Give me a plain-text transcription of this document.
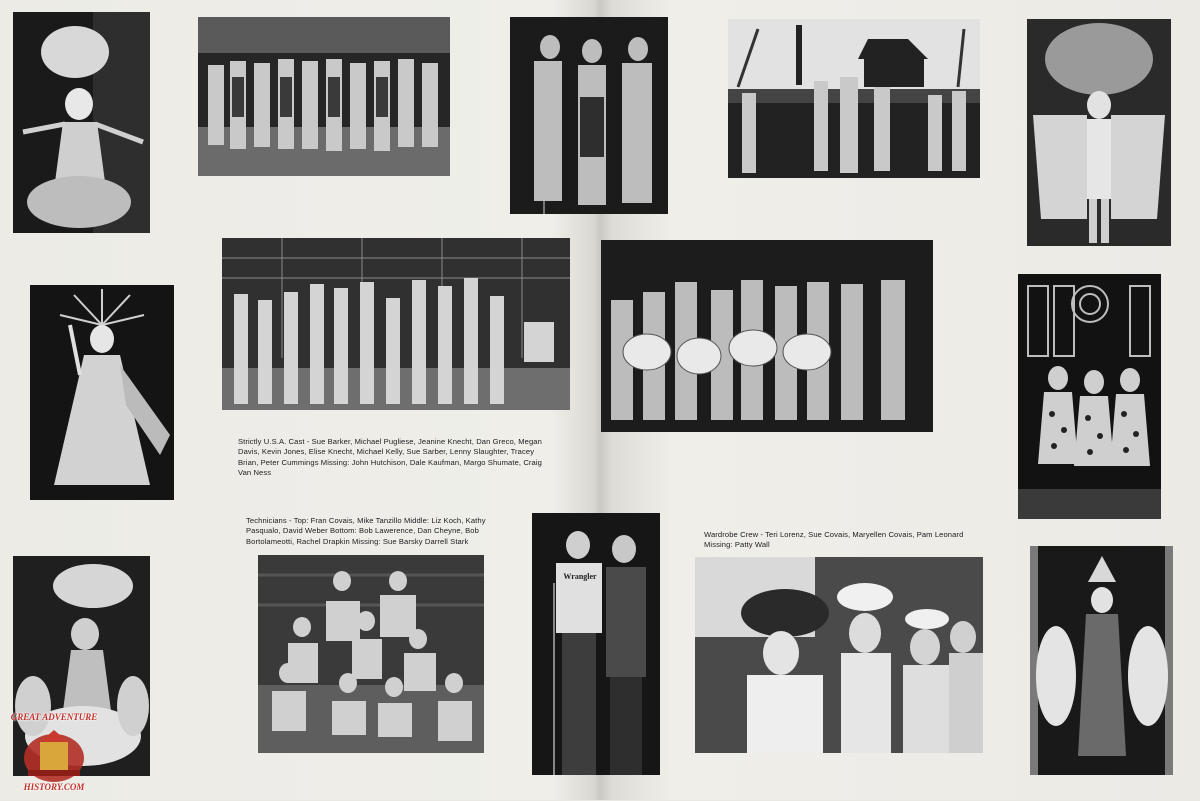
Strictly U.S.A. Cast - Sue Barker, Michael Pugliese, Jeanine Knecht, Dan Greco, Megan Davis, Kevin Jones, Elise Knecht, Michael Kelly, Sue Sarber, Lenny Slaughter, Tracey Brian, Peter Cummings Missing: John Hutchison, Dale Kaufman, Margo Shumate, Craig Van Ness
Technicians - Top: Fran Covais, Mike Tanzillo Middle: Liz Koch, Kathy Pasqualo, David Weber Bottom: Bob Lawerence, Dan Cheyne, Bob Bortolameotti, Rachel Drapkin Missing: Sue Barsky Darrell Stark
Wrangler
Wardrobe Crew - Teri Lorenz, Sue Covais, Maryellen Covais, Pam Leonard Missing: Patty Wall
GREAT ADVENTURE
HISTORY.COM
